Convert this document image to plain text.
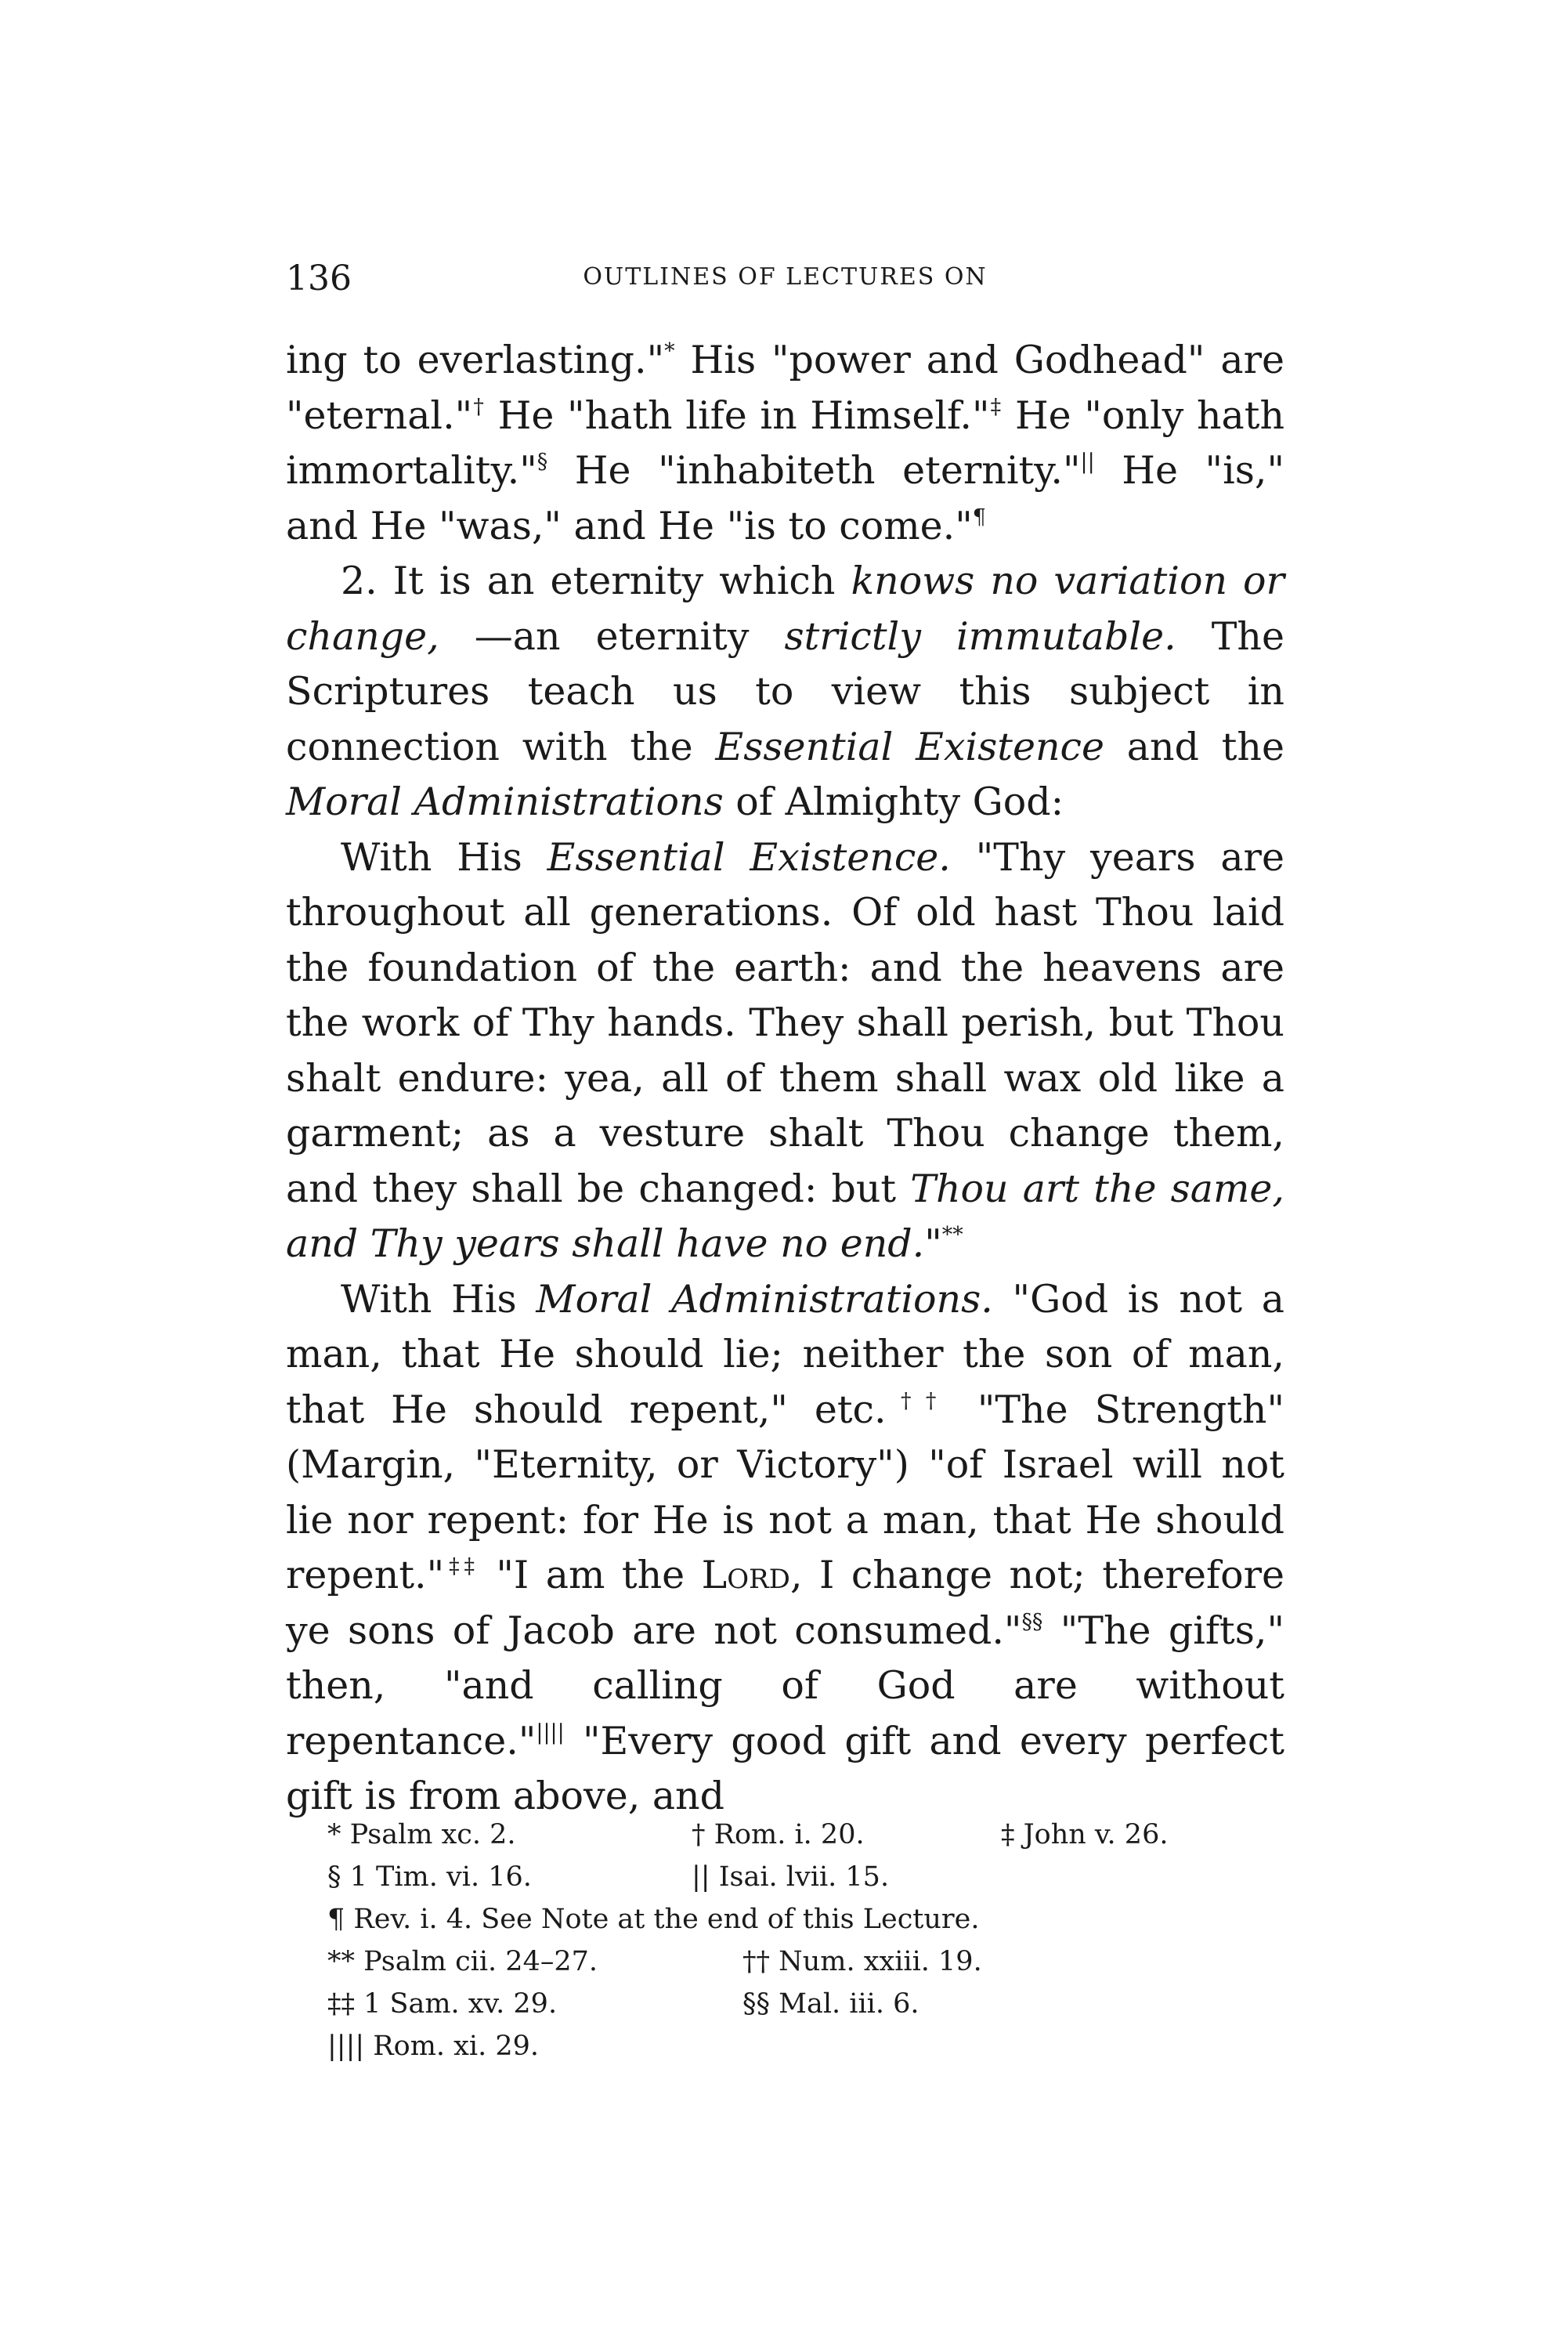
136	OUTLINES OF LECTURES ON

ing to everlasting."* His "power and Godhead" are "eternal."† He "hath life in Himself."‡ He "only hath immortality."§ He "inhabiteth eternity."|| He "is," and He "was," and He "is to come."¶

2. It is an eternity which knows no variation or change, —an eternity strictly immutable. The Scriptures teach us to view this subject in connection with the Essential Existence and the Moral Administrations of Almighty God:

With His Essential Existence. "Thy years are throughout all generations. Of old hast Thou laid the foundation of the earth: and the heavens are the work of Thy hands. They shall perish, but Thou shalt endure: yea, all of them shall wax old like a garment; as a vesture shalt Thou change them, and they shall be changed: but Thou art the same, and Thy years shall have no end."**

With His Moral Administrations. "God is not a man, that He should lie; neither the son of man, that He should repent," etc.†† "The Strength" (Margin, "Eternity, or Victory") "of Israel will not lie nor repent: for He is not a man, that He should repent."‡‡ "I am the Lord, I change not; therefore ye sons of Jacob are not consumed."§§ "The gifts," then, "and calling of God are without repentance."|||| "Every good gift and every perfect gift is from above, and

* Psalm xc. 2.	† Rom. i. 20.	‡ John v. 26.
§ 1 Tim. vi. 16.	|| Isai. lvii. 15.
¶ Rev. i. 4. See Note at the end of this Lecture.
** Psalm cii. 24–27.	†† Num. xxiii. 19.
‡‡ 1 Sam. xv. 29.	§§ Mal. iii. 6.
|||| Rom. xi. 29.
